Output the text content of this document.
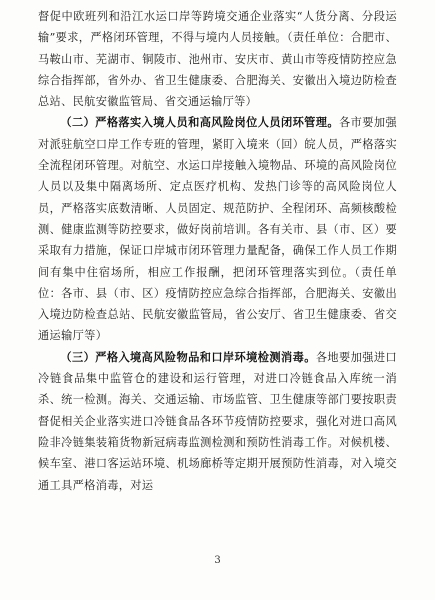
督促中欧班列和沿江水运口岸等跨境交通企业落实“人货分离、分段运输”要求，严格闭环管理，不得与境内人员接触。（责任单位：合肥市、马鞍山市、芜湖市、铜陵市、池州市、安庆市、黄山市等疫情防控应急综合指挥部，省外办、省卫生健康委、合肥海关、安徽出入境边防检查总站、民航安徽监管局、省交通运输厅等）

（二）严格落实入境人员和高风险岗位人员闭环管理。各市要加强对派驻航空口岸工作专班的管理，紧盯入境来（回）皖人员，严格落实全流程闭环管理。对航空、水运口岸接触入境物品、环境的高风险岗位人员以及集中隔离场所、定点医疗机构、发热门诊等的高风险岗位人员，严格落实底数清晰、人员固定、规范防护、全程闭环、高频核酸检测、健康监测等防控要求，做好岗前培训。各有关市、县（市、区）要采取有力措施，保证口岸城市闭环管理力量配备，确保工作人员工作期间有集中住宿场所，相应工作报酬，把闭环管理落实到位。（责任单位：各市、县（市、区）疫情防控应急综合指挥部，合肥海关、安徽出入境边防检查总站、民航安徽监管局，省公安厅、省卫生健康委、省交通运输厅等）

（三）严格入境高风险物品和口岸环境检测消毒。各地要加强进口冷链食品集中监管仓的建设和运行管理，对进口冷链食品入库统一消杀、统一检测。海关、交通运输、市场监管、卫生健康等部门要按职责督促相关企业落实进口冷链食品各环节疫情防控要求，强化对进口高风险非冷链集装箱货物新冠病毒监测检测和预防性消毒工作。对候机楼、候车室、港口客运站环境、机场廊桥等定期开展预防性消毒，对入境交通工具严格消毒，对运

3
